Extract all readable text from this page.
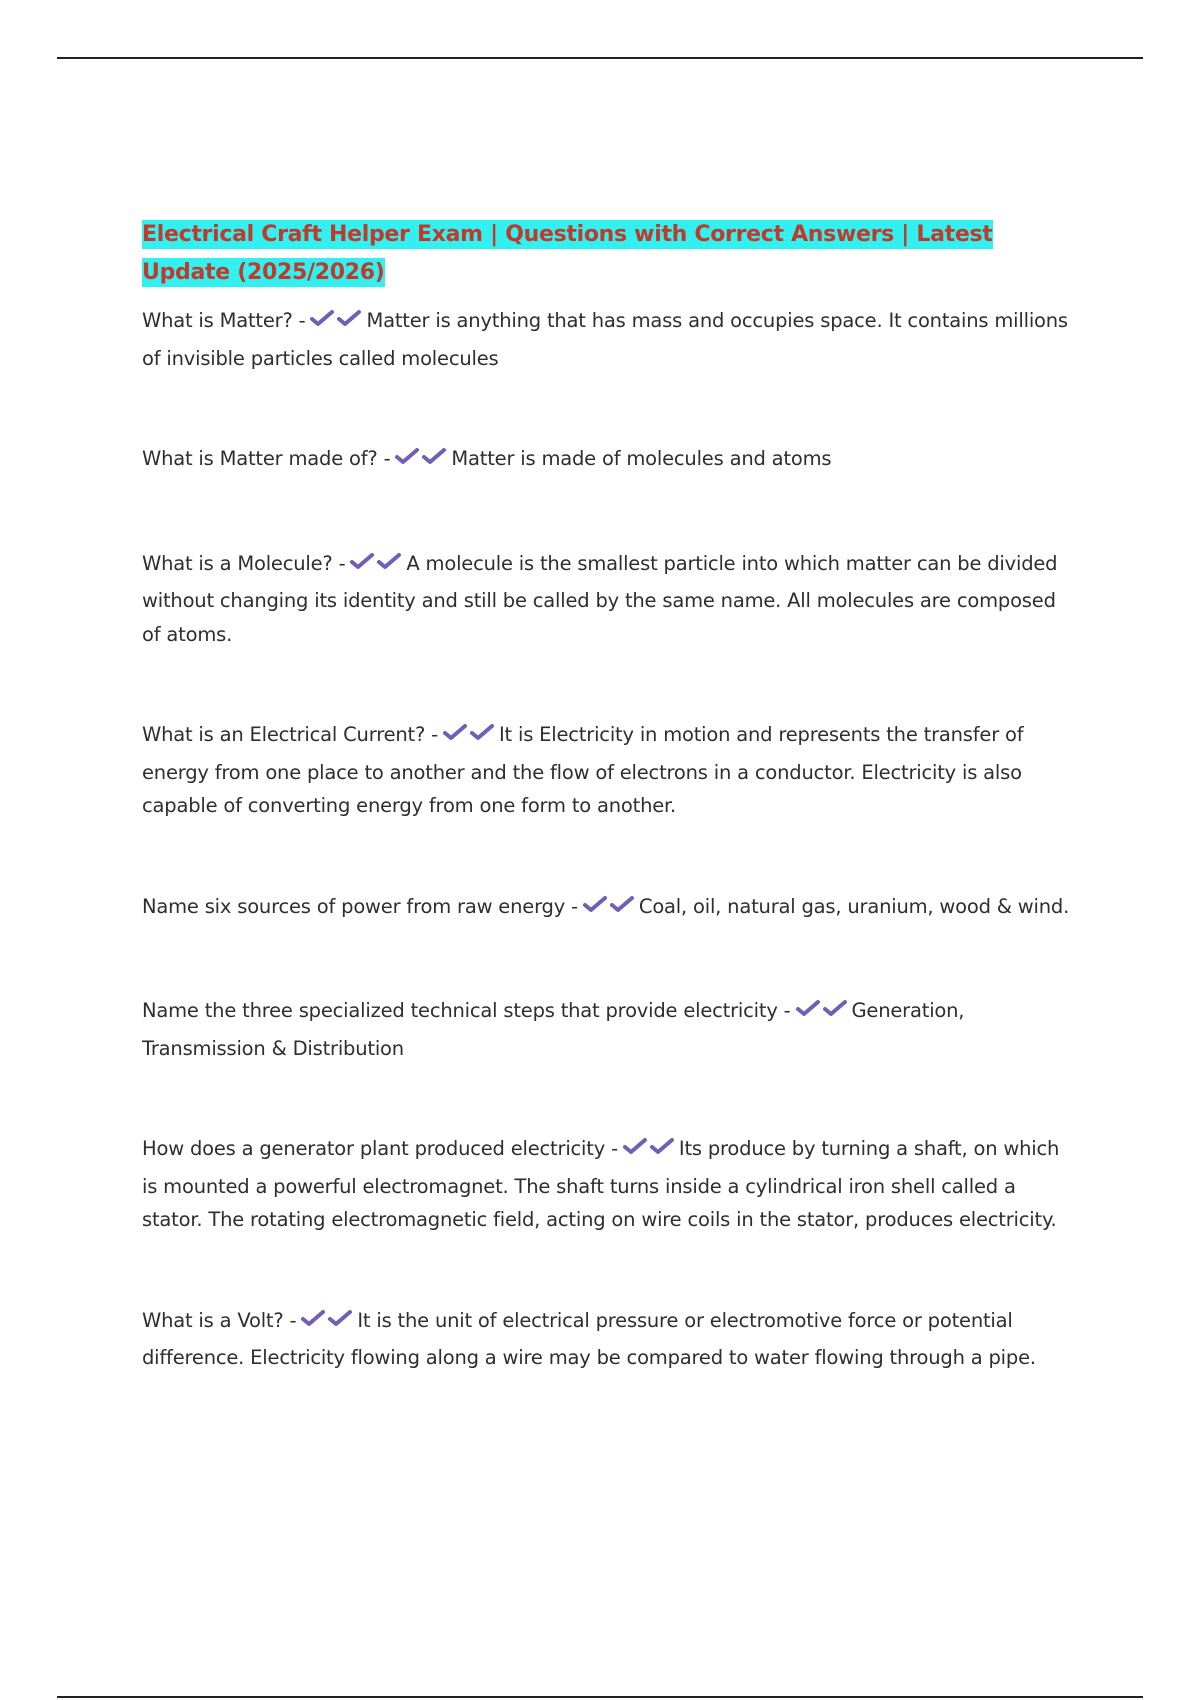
Electrical Craft Helper Exam | Questions with Correct Answers | Latest Update (2025/2026)

What is Matter? -	Matter is anything that has mass and occupies space. It contains millions of invisible particles called molecules

What is Matter made of? -	Matter is made of molecules and atoms

What is a Molecule? -	A molecule is the smallest particle into which matter can be divided without changing its identity and still be called by the same name. All molecules are composed of atoms.

What is an Electrical Current? -	It is Electricity in motion and represents the transfer of energy from one place to another and the flow of electrons in a conductor. Electricity is also capable of converting energy from one form to another.

Name six sources of power from raw energy -	Coal, oil, natural gas, uranium, wood & wind.

Name the three specialized technical steps that provide electricity -	Generation, Transmission & Distribution

How does a generator plant produced electricity -	Its produce by turning a shaft, on which is mounted a powerful electromagnet. The shaft turns inside a cylindrical iron shell called a stator. The rotating electromagnetic field, acting on wire coils in the stator, produces electricity.

What is a Volt? -	It is the unit of electrical pressure or electromotive force or potential difference. Electricity flowing along a wire may be compared to water flowing through a pipe.
